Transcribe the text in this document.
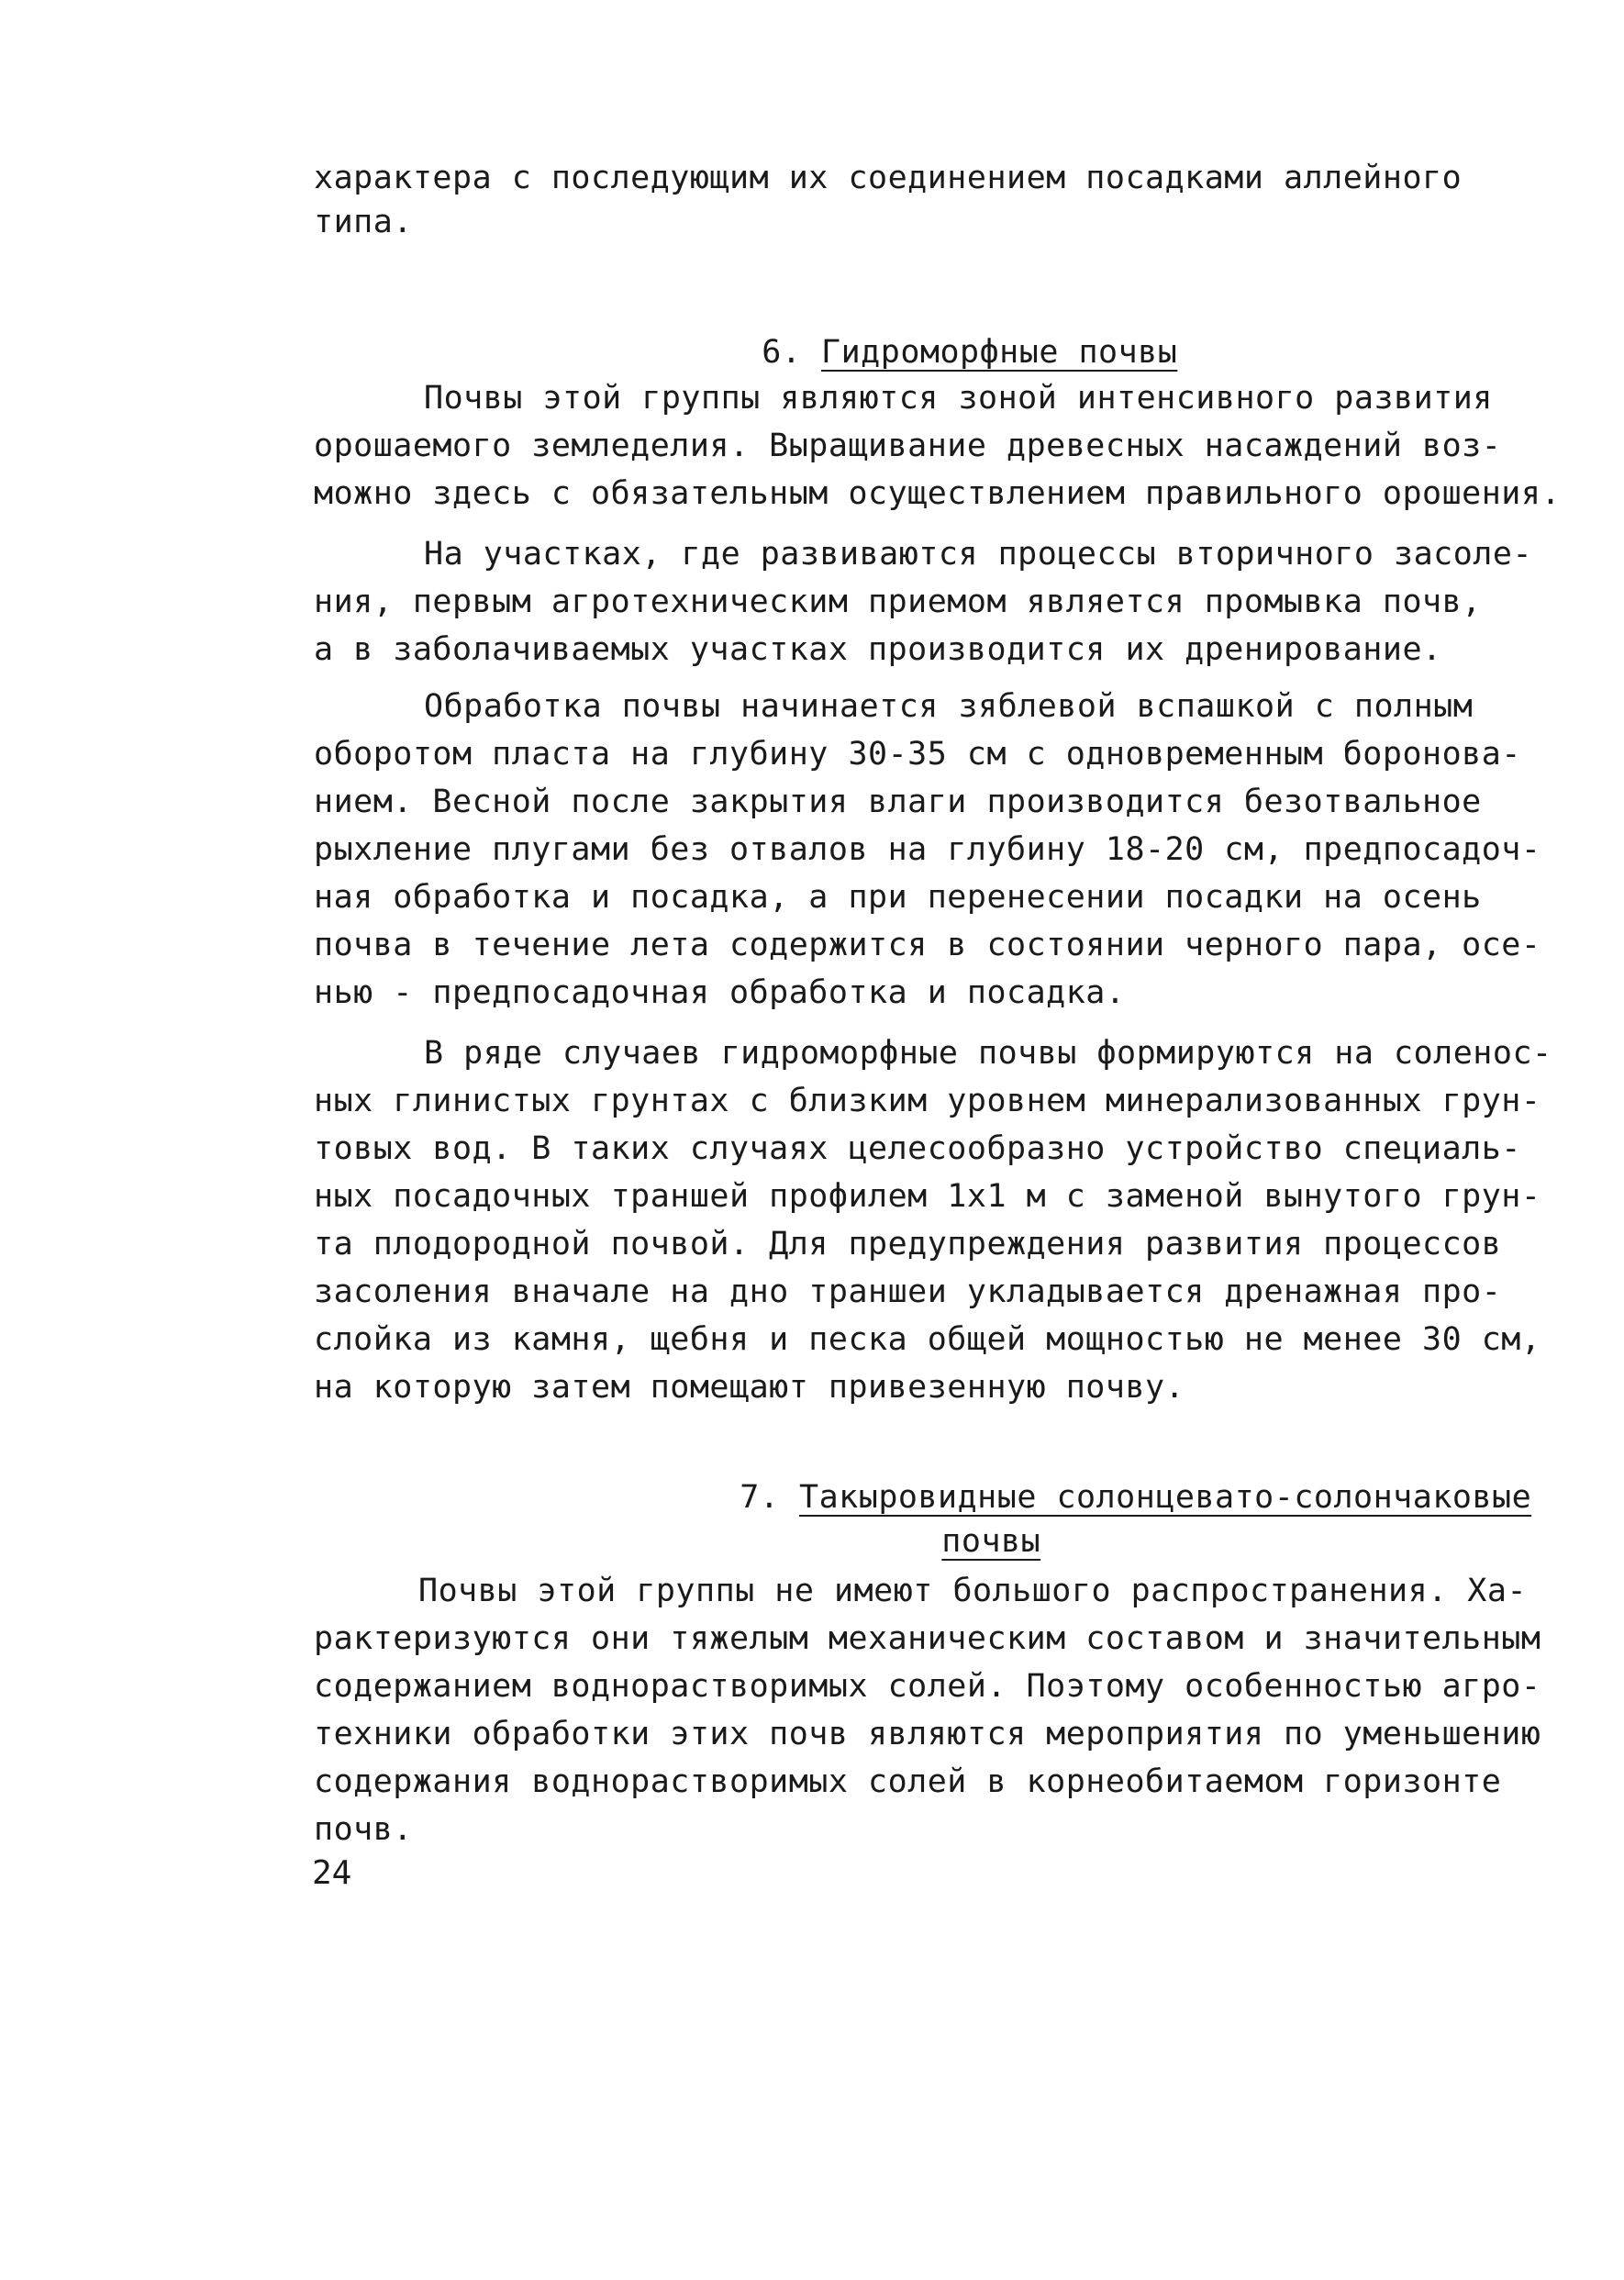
характера с последующим их соединением посадками аллейного
типа.

6. Гидроморфные почвы

Почвы этой группы являются зоной интенсивного развития
орошаемого земледелия. Выращивание древесных насаждений воз-
можно здесь с обязательным осуществлением правильного орошения.
На участках, где развиваются процессы вторичного засоле-
ния, первым агротехническим приемом является промывка почв,
а в заболачиваемых участках производится их дренирование.
Обработка почвы начинается зяблевой вспашкой с полным
оборотом пласта на глубину 30-35 см с одновременным боронова-
нием. Весной после закрытия влаги производится безотвальное
рыхление плугами без отвалов на глубину 18-20 см, предпосадоч-
ная обработка и посадка, а при перенесении посадки на осень
почва в течение лета содержится в состоянии черного пара, осе-
нью - предпосадочная обработка и посадка.
В ряде случаев гидроморфные почвы формируются на соленос-
ных глинистых грунтах с близким уровнем минерализованных грун-
товых вод. В таких случаях целесообразно устройство специаль-
ных посадочных траншей профилем 1х1 м с заменой вынутого грун-
та плодородной почвой. Для предупреждения развития процессов
засоления вначале на дно траншеи укладывается дренажная про-
слойка из камня, щебня и песка общей мощностью не менее 30 см,
на которую затем помещают привезенную почву.

7. Такыровидные солонцевато-солончаковые

почвы

Почвы этой группы не имеют большого распространения. Ха-
рактеризуются они тяжелым механическим составом и значительным
содержанием воднорастворимых солей. Поэтому особенностью агро-
техники обработки этих почв являются мероприятия по уменьшению
содержания воднорастворимых солей в корнеобитаемом горизонте
почв.
24
